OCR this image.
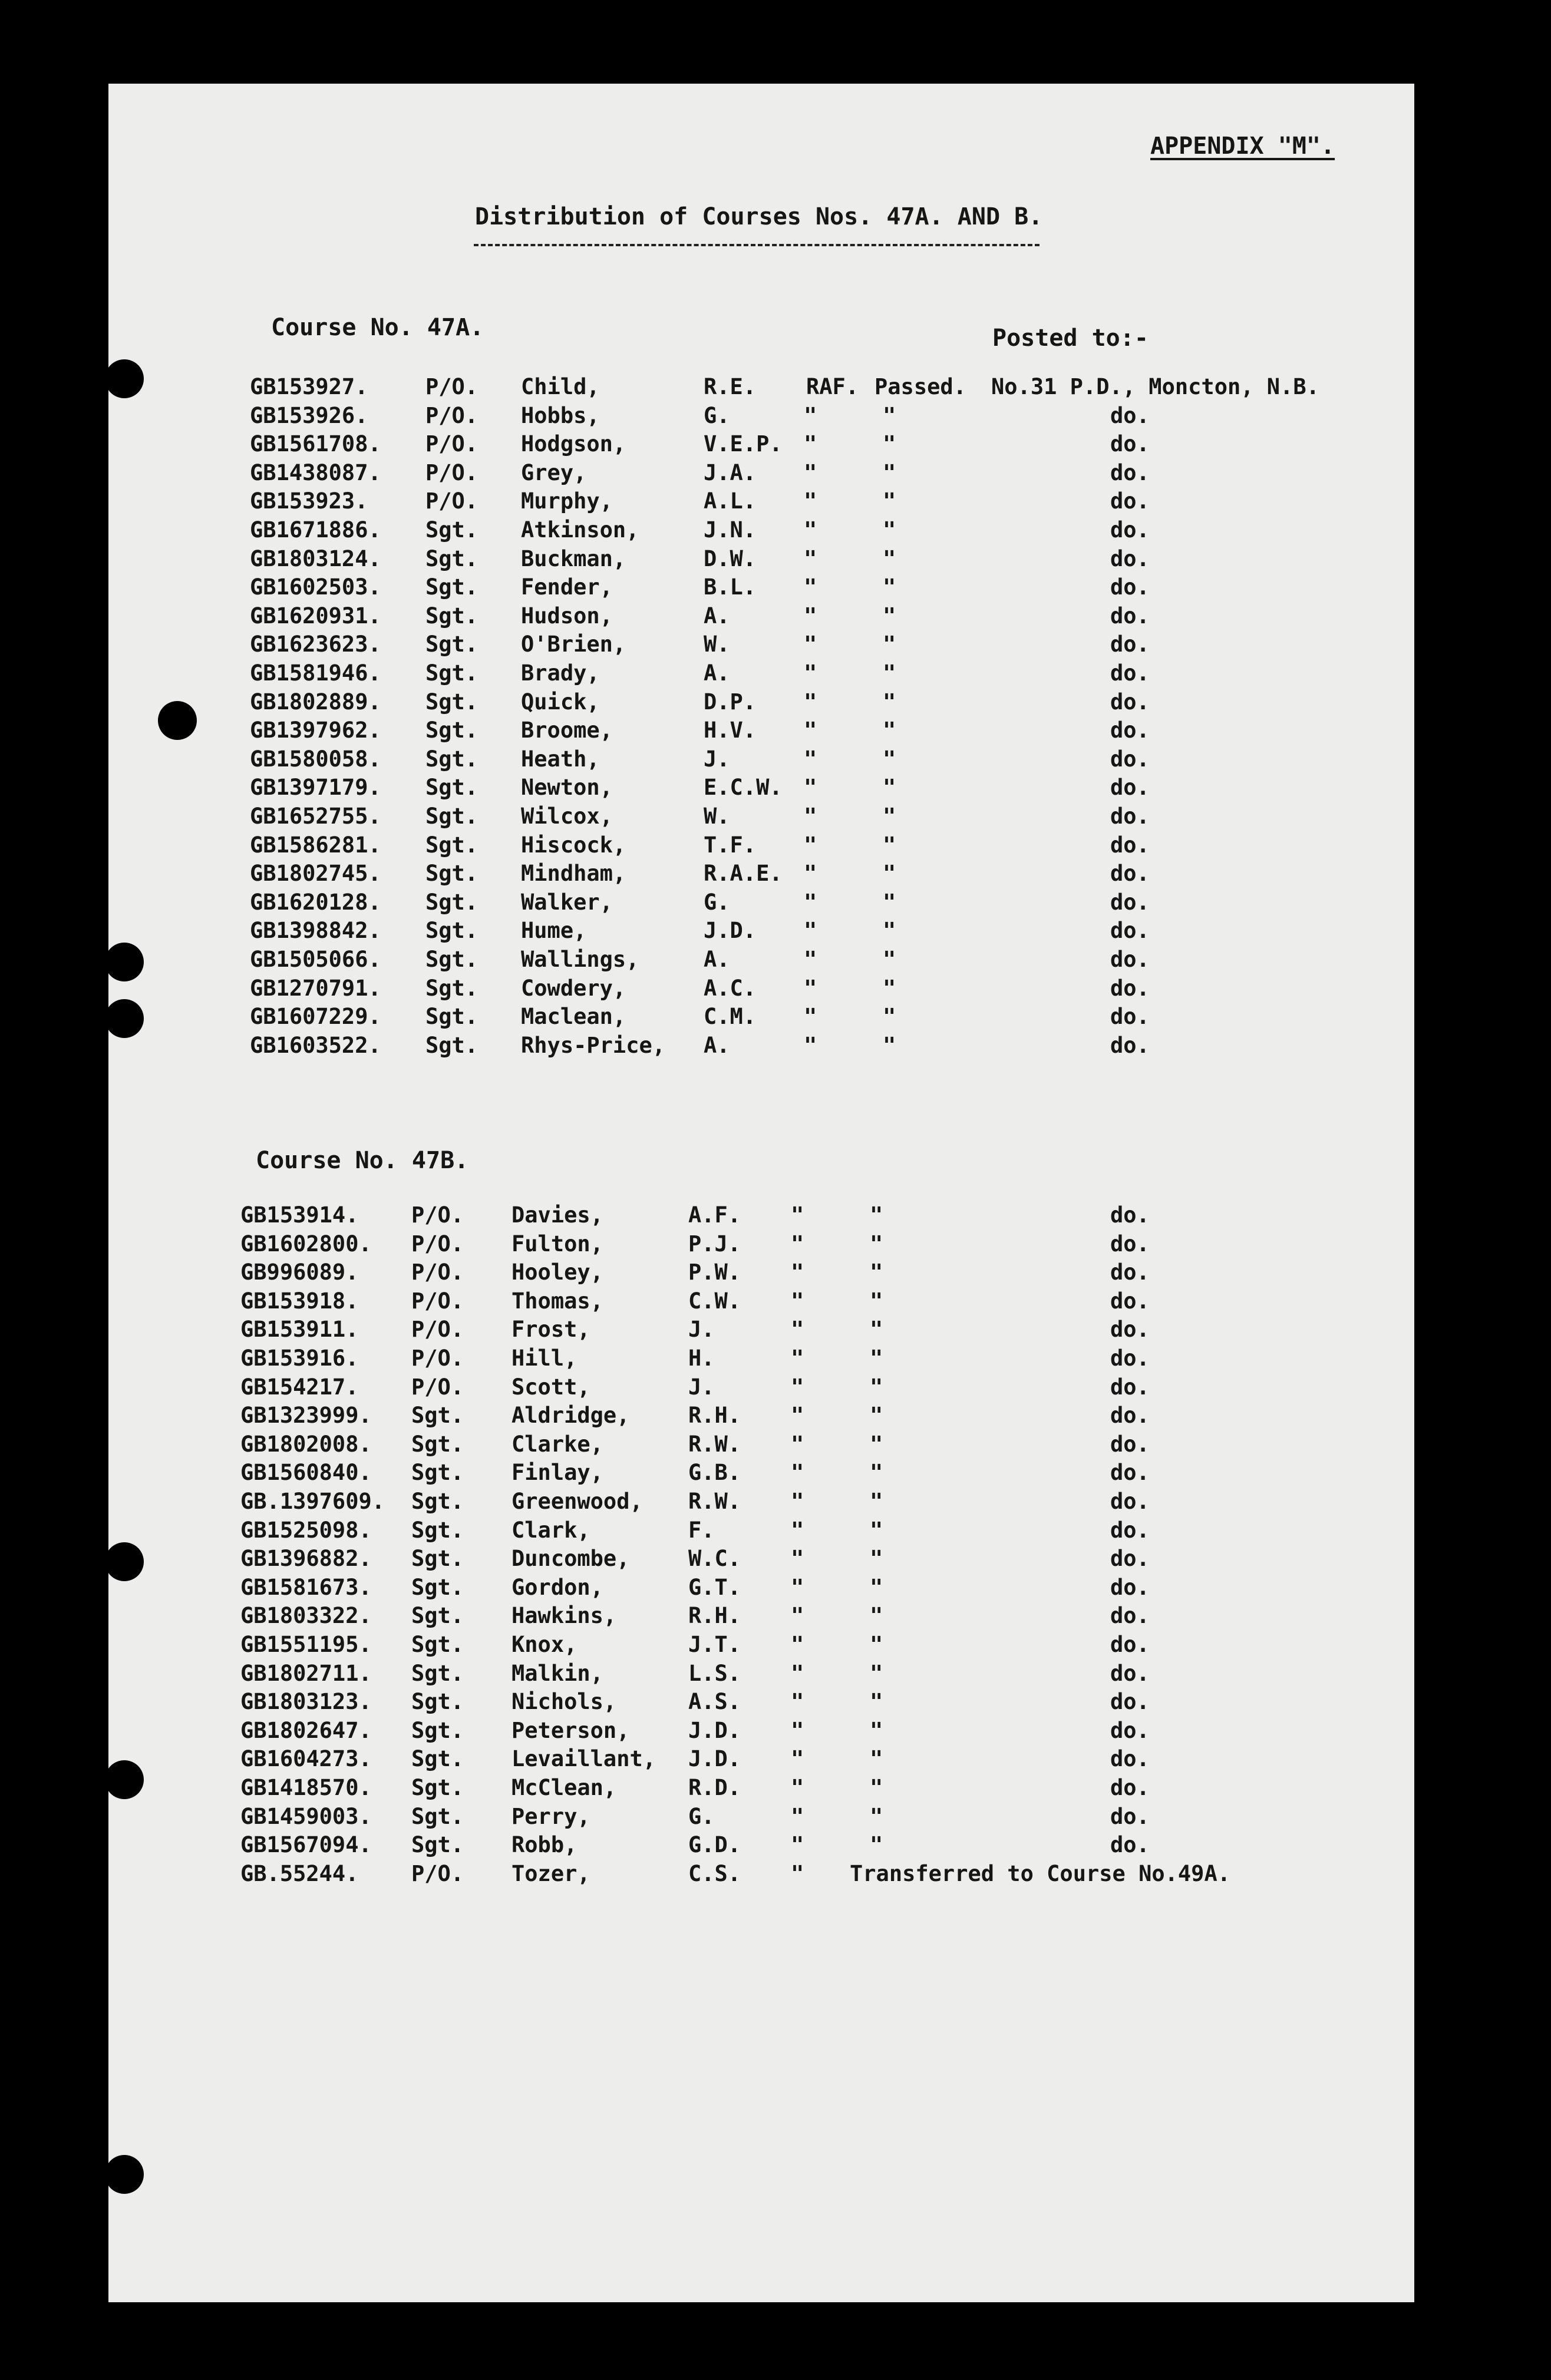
APPENDIX "M".
Distribution of Courses Nos. 47A. AND B.
Posted to:-
Course No. 47A.
GB153927.	P/O. Child,	R.E. RAF. Passed. No.31 P.D., Moncton, N.B.
GB153926.	P/O. Hobbs,	G.	"	"	do.
GB1561708. P/O. Hodgson,	V.E.P. "	"	do.
GB1438087. P/O. Grey,	J.A. "	"	do.
GB153923.	P/O. Murphy,	A.L. "	"	do.
GB1671886. Sgt. Atkinson,	J.N. "	"	do.
GB1803124. Sgt. Buckman,	D.W. "	"	do.
GB1602503. Sgt. Fender,	B.L. "	"	do.
GB1620931. Sgt. Hudson,	A.	"	"	do.
GB1623623. Sgt. O'Brien,	W.	"	"	do.
GB1581946. Sgt. Brady,	A.	"	"	do.
GB1802889. Sgt. Quick,	D.P. "	"	do.
GB1397962. Sgt. Broome,	H.V. "	"	do.
GB1580058. Sgt. Heath,	J.	"	"	do.
GB1397179. Sgt. Newton,	E.C.W. "	"	do.
GB1652755. Sgt. Wilcox,	W.	"	"	do.
GB1586281. Sgt. Hiscock,	T.F. "	"	do.
GB1802745. Sgt. Mindham,	R.A.E. "	"	do.
GB1620128. Sgt. Walker,	G.	"	"	do.
GB1398842. Sgt. Hume,	J.D. "	"	do.
GB1505066. Sgt. Wallings,	A.	"	"	do.
GB1270791. Sgt. Cowdery,	A.C. "	"	do.
GB1607229. Sgt. Maclean,	C.M. "	"	do.
GB1603522. Sgt. Rhys-Price, A.	"	"	do.
Course No. 47B.
GB153914. P/O. Davies,	A.F. "	"	do.
GB1602800. P/O. Fulton,	P.J. "	"	do.
GB996089. P/O. Hooley,	P.W. "	"	do.
GB153918. P/O. Thomas,	C.W. "	"	do.
GB153911. P/O. Frost,	J.	"	"	do.
GB153916. P/O. Hill,	H.	"	"	do.
GB154217. P/O. Scott,	J.	"	"	do.
GB1323999. Sgt. Aldridge,	R.H. "	"	do.
GB1802008. Sgt. Clarke,	R.W. "	"	do.
GB1560840. Sgt. Finlay,	G.B. "	"	do.
GB.1397609. Sgt. Greenwood, R.W. "	"	do.
GB1525098. Sgt. Clark,	F.	"	"	do.
GB1396882. Sgt. Duncombe,	W.C. "	"	do.
GB1581673. Sgt. Gordon,	G.T. "	"	do.
GB1803322. Sgt. Hawkins,	R.H. "	"	do.
GB1551195. Sgt. Knox,	J.T. "	"	do.
GB1802711. Sgt. Malkin,	L.S. "	"	do.
GB1803123. Sgt. Nichols,	A.S. "	"	do.
GB1802647. Sgt. Peterson,	J.D. "	"	do.
GB1604273. Sgt. Levaillant, J.D. "	"	do.
GB1418570. Sgt. McClean,	R.D. "	"	do.
GB1459003. Sgt. Perry,	G.	"	"	do.
GB1567094. Sgt. Robb,	G.D. "	"	do.
GB.55244. P/O. Tozer,	C.S. " Transferred to Course No.49A.
